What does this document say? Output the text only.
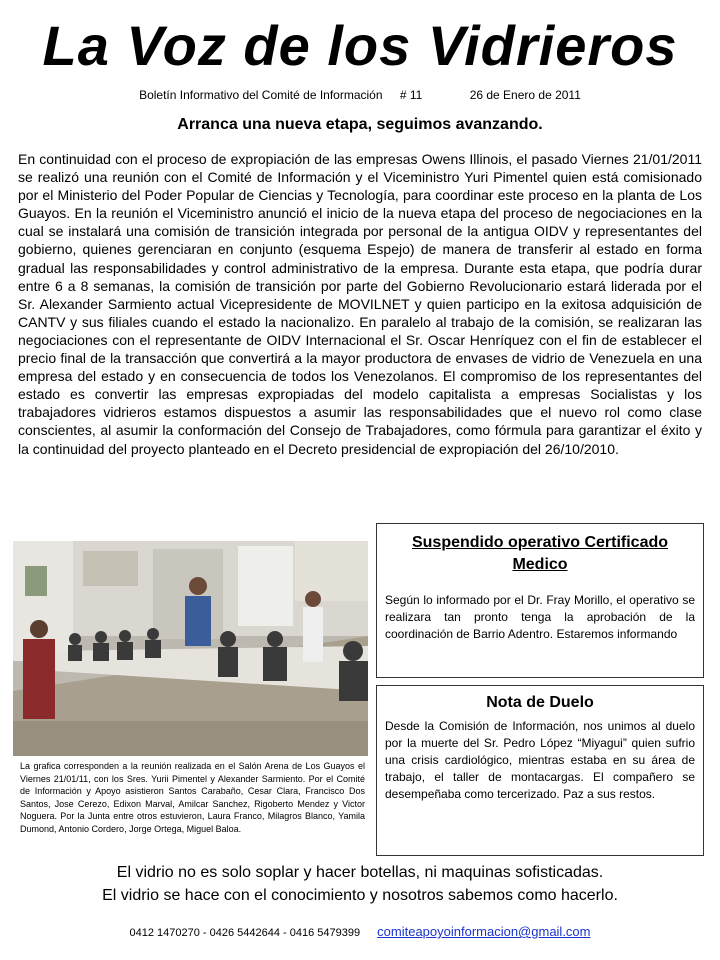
La Voz de los Vidrieros
Boletín Informativo del Comité de Información # 11	26 de Enero de 2011
Arranca una nueva etapa, seguimos avanzando.

En continuidad con el proceso de expropiación de las empresas Owens Illinois, el pasado Viernes 21/01/2011 se realizó una reunión con el Comité de Información y el Viceministro Yuri Pimentel quien está comisionado por el Ministerio del Poder Popular de Ciencias y Tecnología, para coordinar este proceso en la planta de Los Guayos. En la reunión el Viceministro anunció el inicio de la nueva etapa del proceso de negociaciones en la cual se instalará una comisión de transición integrada por personal de la antigua OIDV y representantes del gobierno, quienes gerenciaran en conjunto (esquema Espejo) de manera de transferir al estado en forma gradual las responsabilidades y control administrativo de la empresa. Durante esta etapa, que podría durar entre 6 a 8 semanas, la comisión de transición por parte del Gobierno Revolucionario estará liderada por el Sr. Alexander Sarmiento actual Vicepresidente de MOVILNET y quien participo en la exitosa adquisición de CANTV y sus filiales cuando el estado la nacionalizo. En paralelo al trabajo de la comisión, se realizaran las negociaciones con el representante de OIDV Internacional el Sr. Oscar Henríquez con el fin de establecer el precio final de la transacción que convertirá a la mayor productora de envases de vidrio de Venezuela en una empresa del estado y en consecuencia de todos los Venezolanos. El compromiso de los representantes del estado es convertir las empresas expropiadas del modelo capitalista a empresas Socialistas y los trabajadores vidrieros estamos dispuestos a asumir las responsabilidades que el nuevo rol como clase conscientes, al asumir la conformación del Consejo de Trabajadores, como fórmula para garantizar el éxito y la continuidad del proyecto planteado en el Decreto presidencial de expropiación del 26/10/2010.

La grafica corresponden a la reunión realizada en el Salón Arena de Los Guayos el Viernes 21/01/11, con los Sres. Yurii Pimentel y Alexander Sarmiento. Por el Comité de Información y Apoyo asistieron Santos Carabaño, Cesar Clara, Francisco Dos Santos, Jose Cerezo, Edixon Marval, Amilcar Sanchez, Rigoberto Mendez y Victor Noguera. Por la Junta entre otros estuvieron, Laura Franco, Milagros Blanco, Yamila Dumond, Antonio Cordero, Jorge Ortega, Miguel Baloa.

Suspendido operativo Certificado Medico

Según lo informado por el Dr. Fray Morillo, el operativo se realizara tan pronto tenga la aprobación de la coordinación de Barrio Adentro. Estaremos informando

Nota de Duelo

Desde la Comisión de Información, nos unimos al duelo por la muerte del Sr. Pedro López “Miyagui” quien sufrio una crisis cardiológico, mientras estaba en su área de trabajo, el taller de montacargas. El compañero se desempeñaba como tercerizado. Paz a sus restos.

El vidrio no es solo soplar y hacer botellas, ni maquinas sofisticadas.
El vidrio se hace con el conocimiento y nosotros sabemos como hacerlo.
0412 1470270 - 0426 5442644 - 0416 5479399 comiteapoyoinformacion@gmail.com
